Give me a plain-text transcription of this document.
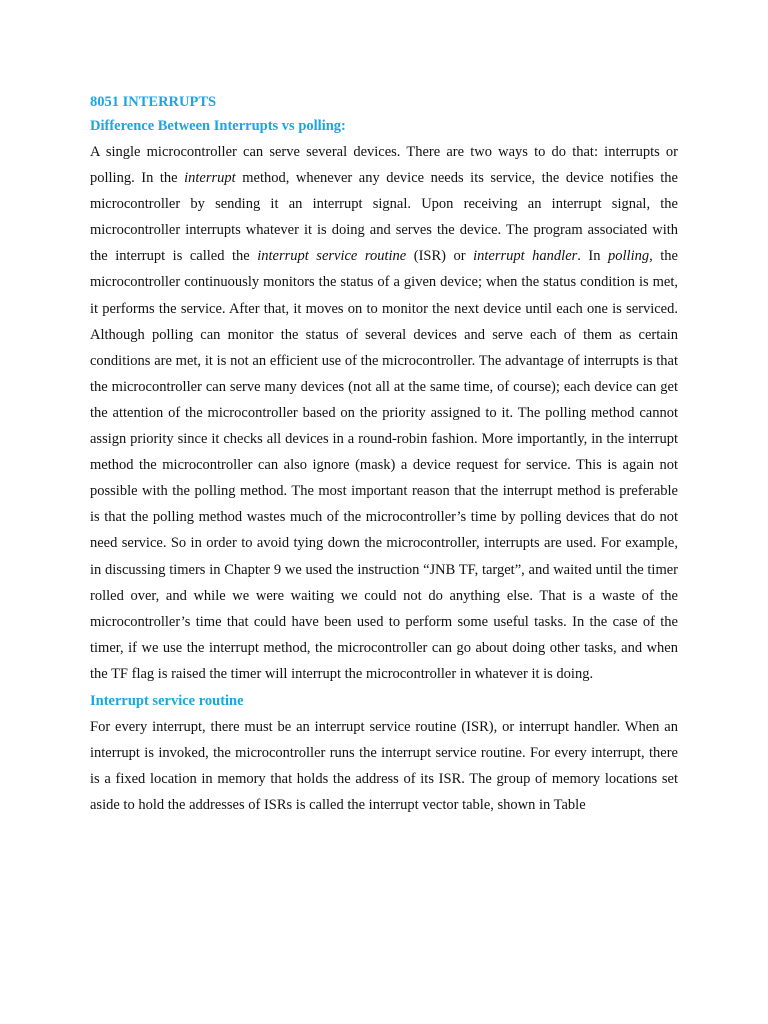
8051 INTERRUPTS
Difference Between Interrupts vs polling:

A single microcontroller can serve several devices. There are two ways to do that: interrupts or polling. In the interrupt method, whenever any device needs its service, the device notifies the microcontroller by sending it an interrupt signal. Upon receiving an interrupt signal, the microcontroller interrupts whatever it is doing and serves the device. The program associated with the interrupt is called the interrupt service routine (ISR) or interrupt handler. In polling, the microcontroller continuously monitors the status of a given device; when the status condition is met, it performs the service. After that, it moves on to monitor the next device until each one is serviced. Although polling can monitor the status of several devices and serve each of them as certain conditions are met, it is not an efficient use of the microcontroller. The advantage of interrupts is that the microcontroller can serve many devices (not all at the same time, of course); each device can get the attention of the microcontroller based on the priority assigned to it. The polling method cannot assign priority since it checks all devices in a round-robin fashion. More importantly, in the interrupt method the microcontroller can also ignore (mask) a device request for service. This is again not possible with the polling method. The most important reason that the interrupt method is preferable is that the polling method wastes much of the microcontroller’s time by polling devices that do not need service. So in order to avoid tying down the microcontroller, interrupts are used. For example, in discussing timers in Chapter 9 we used the instruction “JNB TF, target”, and waited until the timer rolled over, and while we were waiting we could not do anything else. That is a waste of the microcontroller’s time that could have been used to perform some useful tasks. In the case of the timer, if we use the interrupt method, the microcontroller can go about doing other tasks, and when the TF flag is raised the timer will interrupt the microcontroller in whatever it is doing.

Interrupt service routine

For every interrupt, there must be an interrupt service routine (ISR), or interrupt handler. When an interrupt is invoked, the microcontroller runs the interrupt service routine. For every interrupt, there is a fixed location in memory that holds the address of its ISR. The group of memory locations set aside to hold the addresses of ISRs is called the interrupt vector table, shown in Table
